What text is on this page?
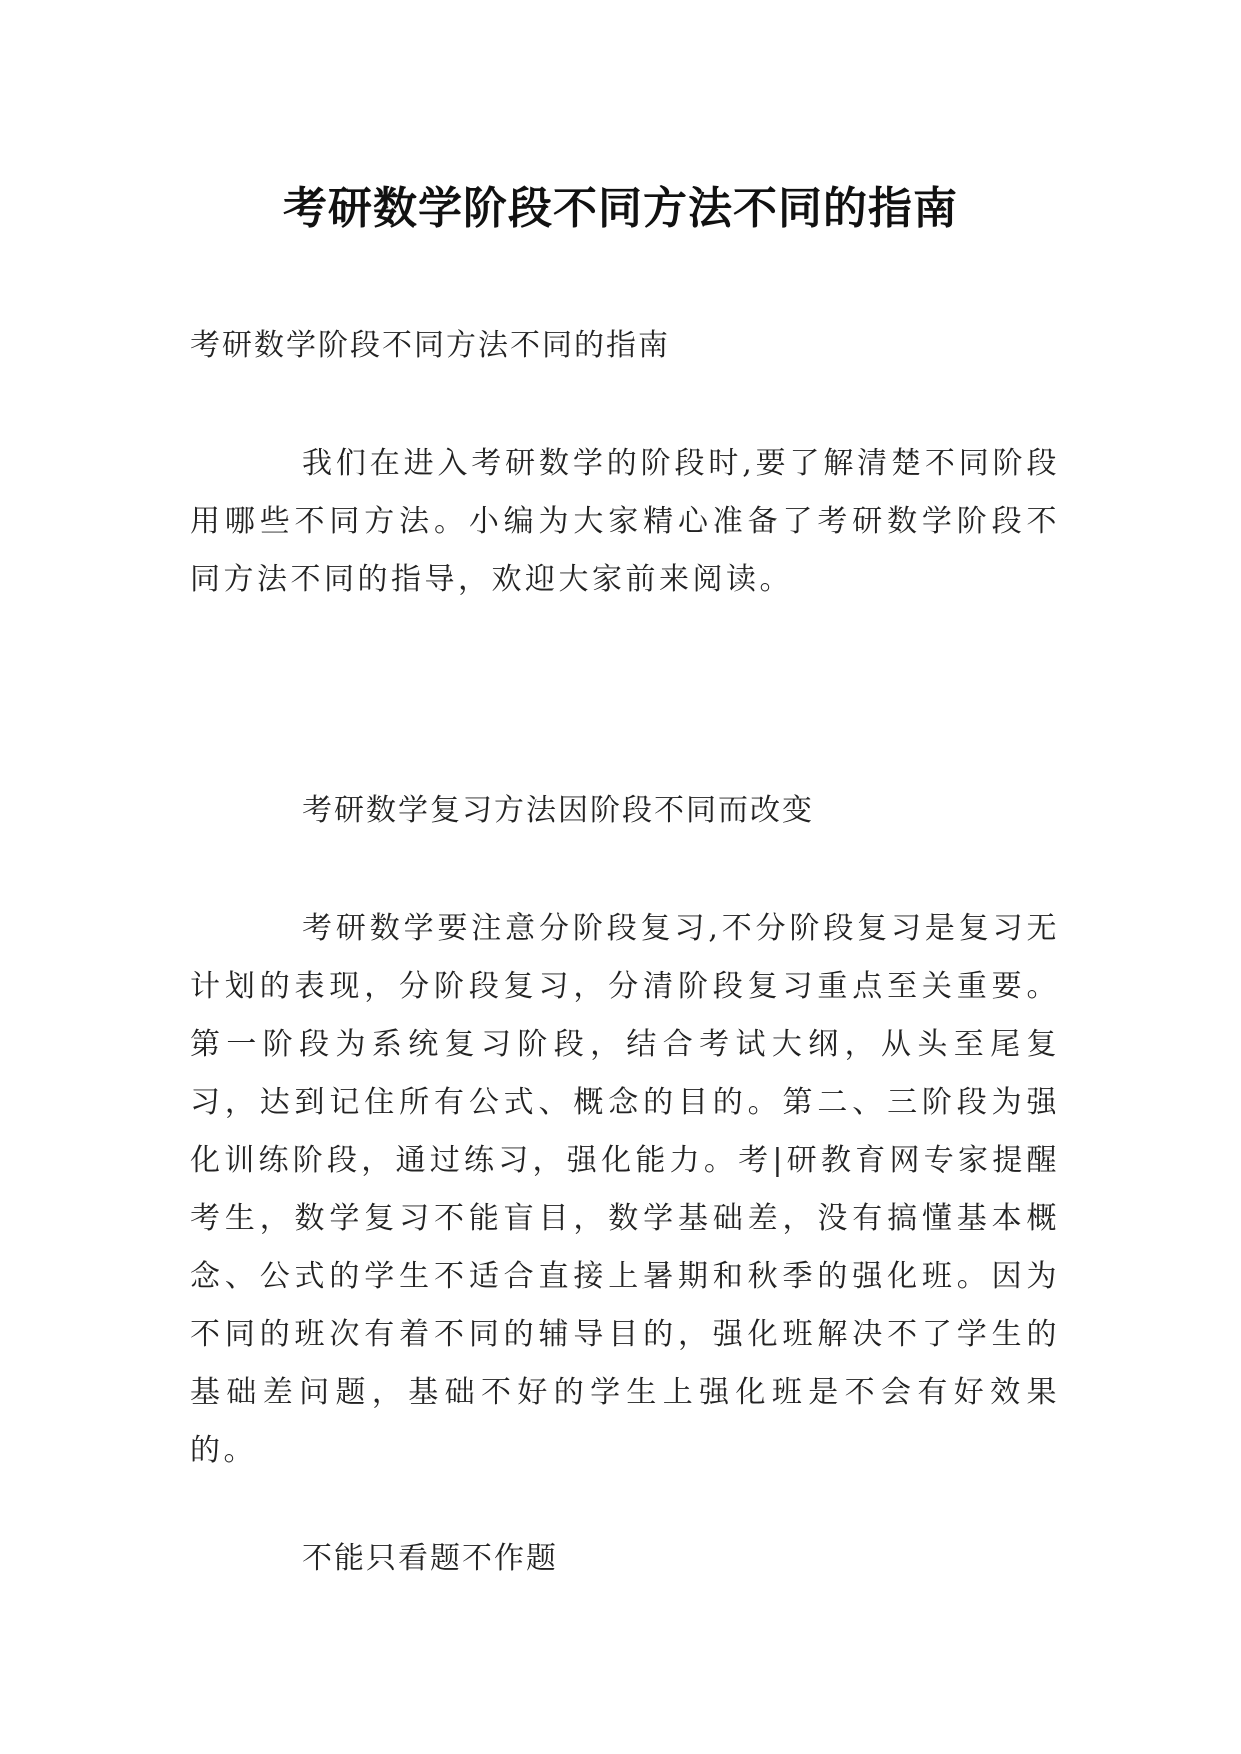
考研数学阶段不同方法不同的指南

考研数学阶段不同方法不同的指南

我们在进入考研数学的阶段时,要了解清楚不同阶段用哪些不同方法。小编为大家精心准备了考研数学阶段不同方法不同的指导，欢迎大家前来阅读。

考研数学复习方法因阶段不同而改变

考研数学要注意分阶段复习,不分阶段复习是复习无计划的表现，分阶段复习，分清阶段复习重点至关重要。第一阶段为系统复习阶段，结合考试大纲，从头至尾复习，达到记住所有公式、概念的目的。第二、三阶段为强化训练阶段，通过练习，强化能力。考|研教育网专家提醒考生，数学复习不能盲目，数学基础差，没有搞懂基本概念、公式的学生不适合直接上暑期和秋季的强化班。因为不同的班次有着不同的辅导目的，强化班解决不了学生的基础差问题，基础不好的学生上强化班是不会有好效果的。

不能只看题不作题
